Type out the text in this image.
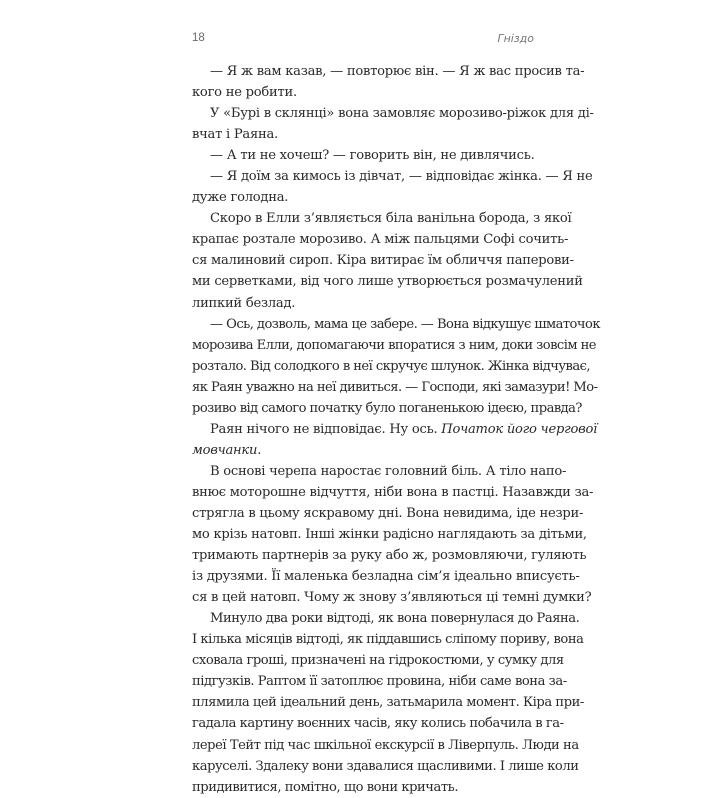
18	Гніздо
— Я ж вам казав, — повторює він. — Я ж вас просив та-
кого не робити.
У «Бурі в склянці» вона замовляє морозиво-ріжок для ді-
вчат і Раяна.
— А ти не хочеш? — говорить він, не дивлячись.
— Я доїм за кимось із дівчат, — відповідає жінка. — Я не
дуже голодна.
Скоро в Елли з’являється біла ванільна борода, з якої
крапає розтале морозиво. А між пальцями Софі сочить-
ся малиновий сироп. Кіра витирає їм обличчя паперови-
ми серветками, від чого лише утворюється розмачулений
липкий безлад.
— Ось, дозволь, мама це забере. — Вона відкушує шматочок
морозива Елли, допомагаючи впоратися з ним, доки зовсім не
розтало. Від солодкого в неї скручує шлунок. Жінка відчуває,
як Раян уважно на неї дивиться. — Господи, які замазури! Мо-
розиво від самого початку було поганенькою ідеєю, правда?
Раян нічого не відповідає. Ну ось. Початок його чергової
мовчанки.
В основі черепа наростає головний біль. А тіло напо-
внює моторошне відчуття, ніби вона в пастці. Назавжди за-
стрягла в цьому яскравому дні. Вона невидима, іде незри-
мо крізь натовп. Інші жінки радісно наглядають за дітьми,
тримають партнерів за руку або ж, розмовляючи, гуляють
із друзями. Її маленька безладна сім’я ідеально вписуєть-
ся в цей натовп. Чому ж знову з’являються ці темні думки?
Минуло два роки відтоді, як вона повернулася до Раяна.
І кілька місяців відтоді, як піддавшись сліпому пориву, вона
сховала гроші, призначені на гідрокостюми, у сумку для
підгузків. Раптом її затоплює провина, ніби саме вона за-
плямила цей ідеальний день, затьмарила момент. Кіра при-
гадала картину воєнних часів, яку колись побачила в га-
лереї Тейт під час шкільної екскурсії в Ліверпуль. Люди на
каруселі. Здалеку вони здавалися щасливими. І лише коли
придивитися, помітно, що вони кричать.
